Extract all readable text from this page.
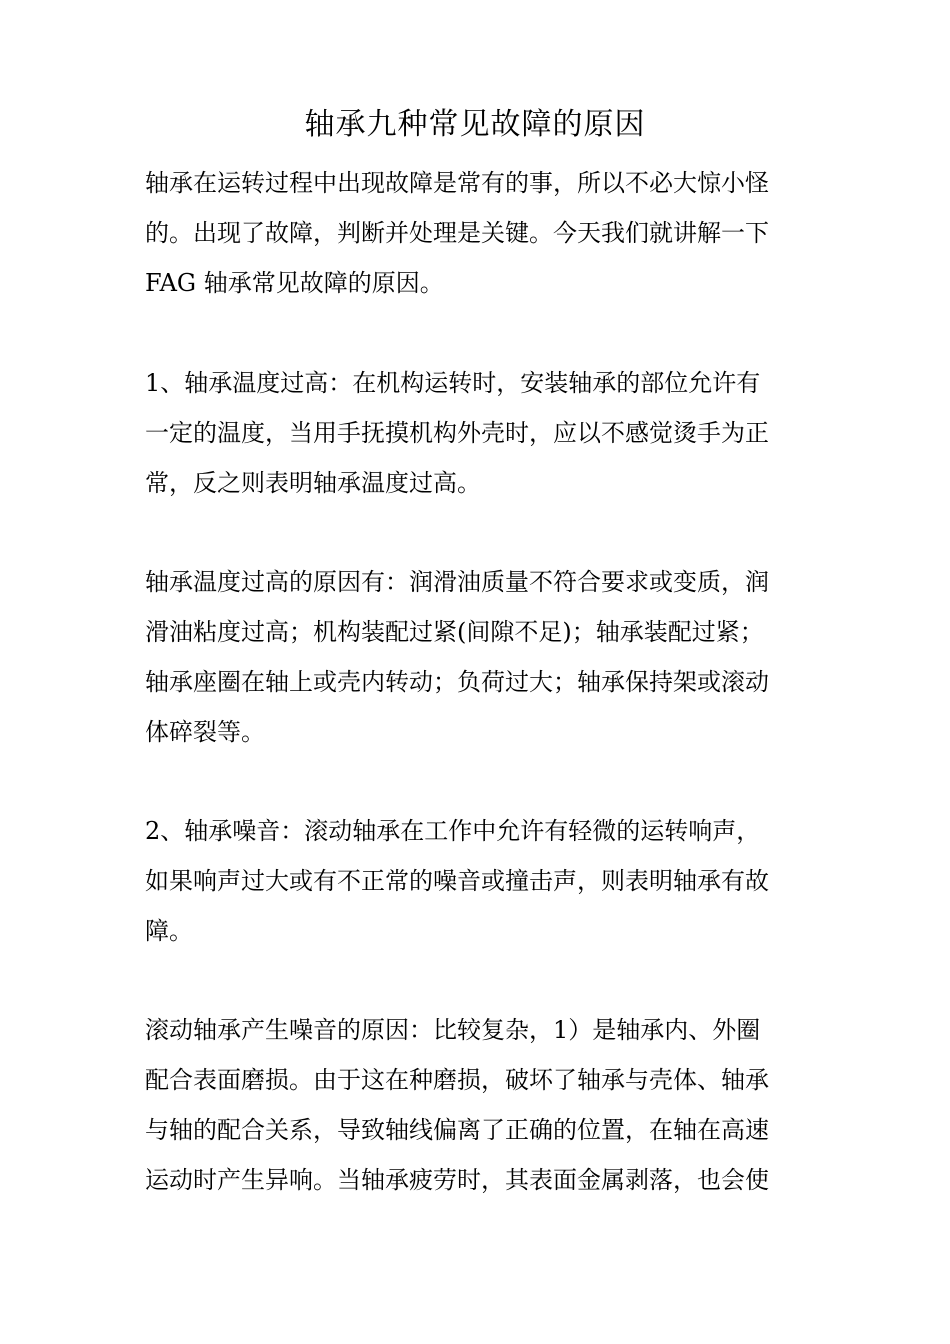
轴承九种常见故障的原因

轴承在运转过程中出现故障是常有的事，所以不必大惊小怪

的。出现了故障，判断并处理是关键。今天我们就讲解一下

FAG 轴承常见故障的原因。

1、轴承温度过高：在机构运转时，安装轴承的部位允许有

一定的温度，当用手抚摸机构外壳时，应以不感觉烫手为正

常，反之则表明轴承温度过高。

轴承温度过高的原因有：润滑油质量不符合要求或变质，润

滑油粘度过高；机构装配过紧(间隙不足)；轴承装配过紧；

轴承座圈在轴上或壳内转动；负荷过大；轴承保持架或滚动

体碎裂等。

2、轴承噪音：滚动轴承在工作中允许有轻微的运转响声，

如果响声过大或有不正常的噪音或撞击声，则表明轴承有故

障。

滚动轴承产生噪音的原因：比较复杂，1）是轴承内、外圈

配合表面磨损。由于这在种磨损，破坏了轴承与壳体、轴承

与轴的配合关系，导致轴线偏离了正确的位置，在轴在高速

运动时产生异响。当轴承疲劳时，其表面金属剥落，也会使
